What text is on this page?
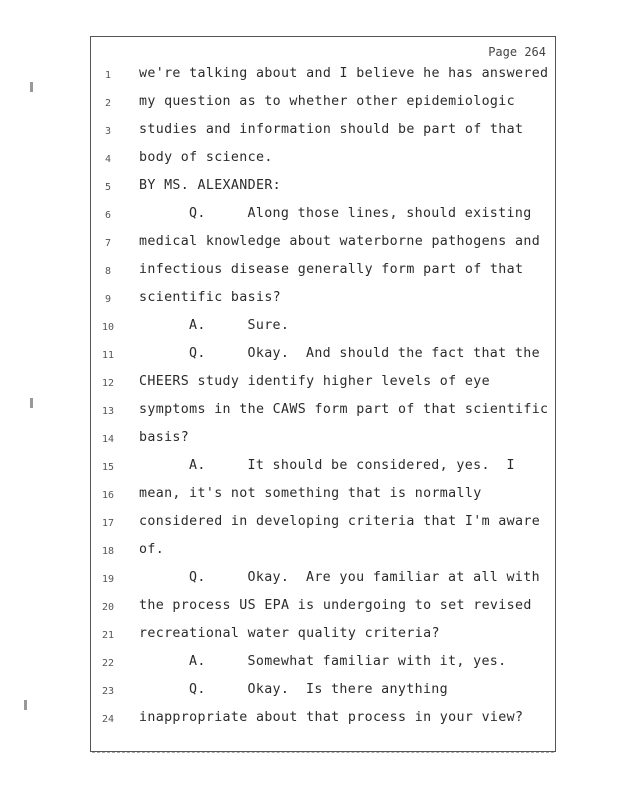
Page 264
1	we're talking about and I believe he has answered
2	my question as to whether other epidemiologic
3	studies and information should be part of that
4	body of science.
5	BY MS. ALEXANDER:
6	Q.     Along those lines, should existing
7	medical knowledge about waterborne pathogens and
8	infectious disease generally form part of that
9	scientific basis?
10	A.     Sure.
11	Q.     Okay.  And should the fact that the
12	CHEERS study identify higher levels of eye
13	symptoms in the CAWS form part of that scientific
14	basis?
15	A.     It should be considered, yes.  I
16	mean, it's not something that is normally
17	considered in developing criteria that I'm aware
18	of.
19	Q.     Okay.  Are you familiar at all with
20	the process US EPA is undergoing to set revised
21	recreational water quality criteria?
22	A.     Somewhat familiar with it, yes.
23	Q.     Okay.  Is there anything
24	inappropriate about that process in your view?
